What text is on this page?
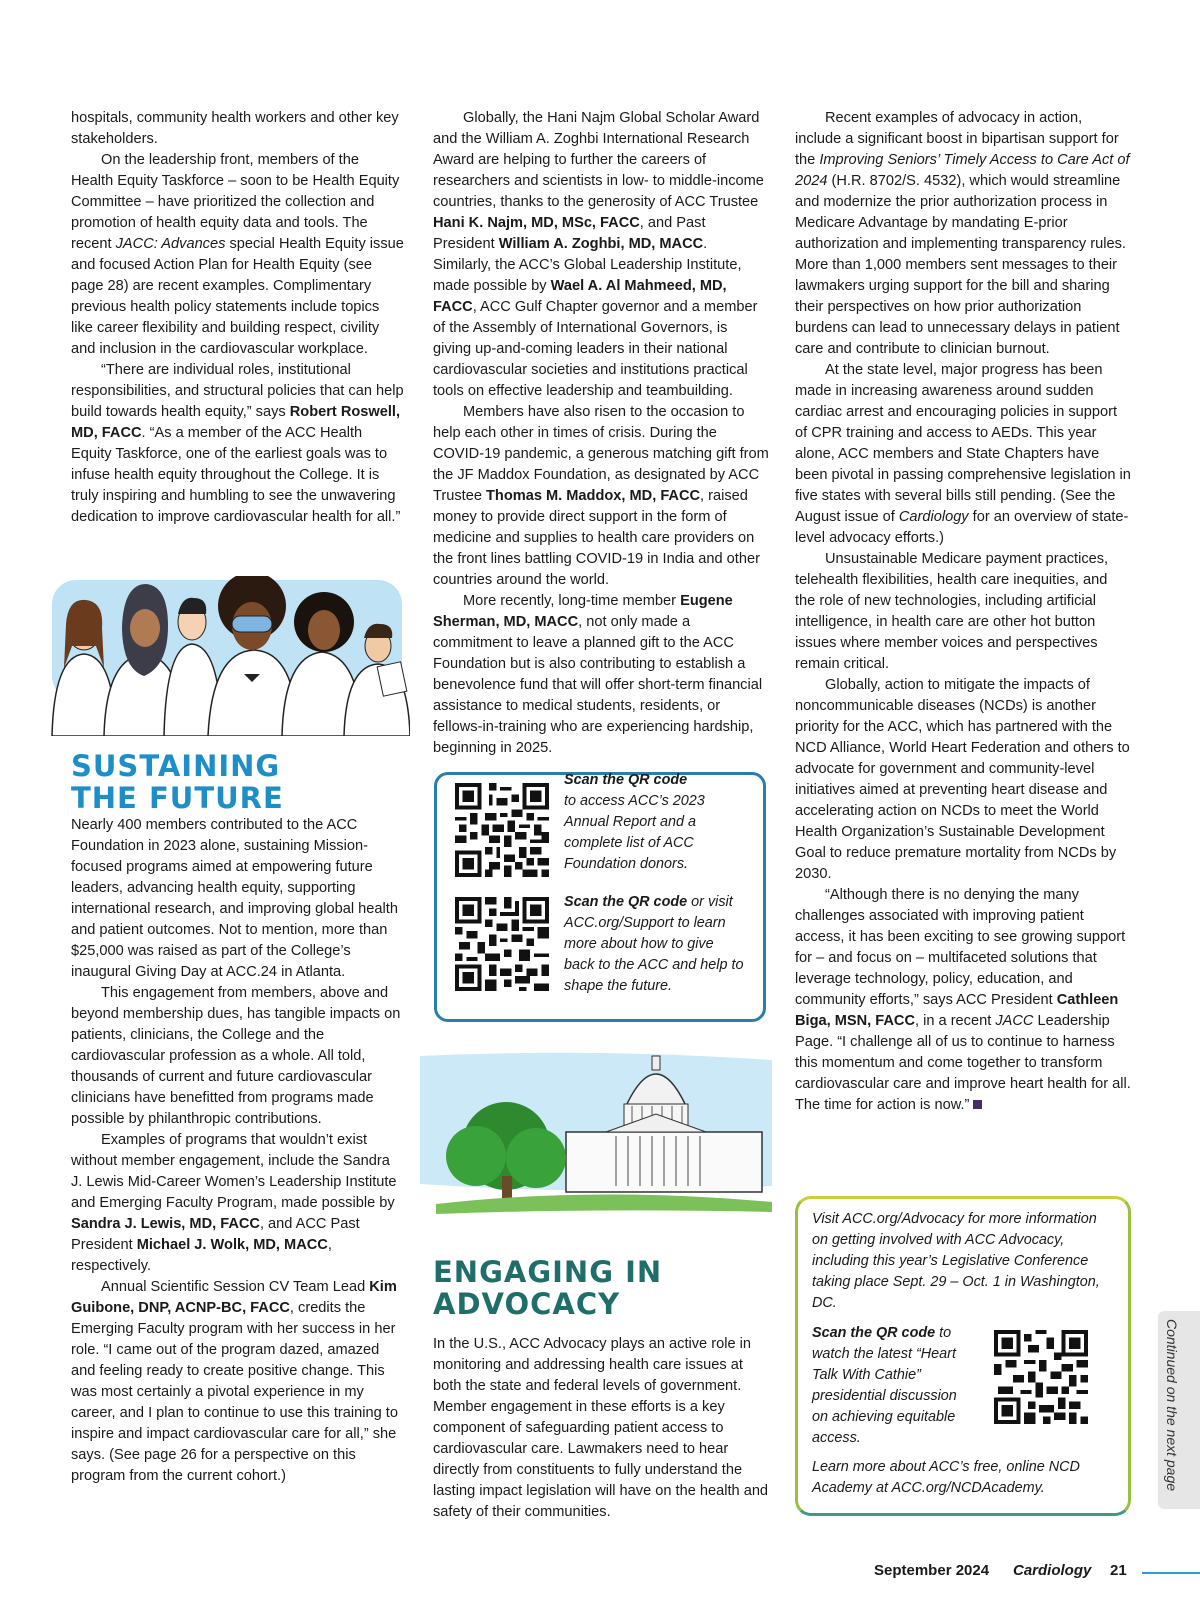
hospitals, community health workers and other key stakeholders.

On the leadership front, members of the Health Equity Taskforce – soon to be Health Equity Committee – have prioritized the collection and promotion of health equity data and tools. The recent JACC: Advances special Health Equity issue and focused Action Plan for Health Equity (see page 28) are recent examples. Complimentary previous health policy statements include topics like career flexibility and building respect, civility and inclusion in the cardiovascular workplace.

“There are individual roles, institutional responsibilities, and structural policies that can help build towards health equity,” says Robert Roswell, MD, FACC. “As a member of the ACC Health Equity Taskforce, one of the earliest goals was to infuse health equity throughout the College. It is truly inspiring and humbling to see the unwavering dedication to improve cardiovascular health for all.”

SUSTAINING
THE FUTURE

Nearly 400 members contributed to the ACC Foundation in 2023 alone, sustaining Mission-focused programs aimed at empowering future leaders, advancing health equity, supporting international research, and improving global health and patient outcomes. Not to mention, more than $25,000 was raised as part of the College’s inaugural Giving Day at ACC.24 in Atlanta.

This engagement from members, above and beyond membership dues, has tangible impacts on patients, clinicians, the College and the cardiovascular profession as a whole. All told, thousands of current and future cardiovascular clinicians have benefitted from programs made possible by philanthropic contributions.

Examples of programs that wouldn’t exist without member engagement, include the Sandra J. Lewis Mid-Career Women’s Leadership Institute and Emerging Faculty Program, made possible by Sandra J. Lewis, MD, FACC, and ACC Past President Michael J. Wolk, MD, MACC, respectively.

Annual Scientific Session CV Team Lead Kim Guibone, DNP, ACNP-BC, FACC, credits the Emerging Faculty program with her success in her role. “I came out of the program dazed, amazed and feeling ready to create positive change. This was most certainly a pivotal experience in my career, and I plan to continue to use this training to inspire and impact cardiovascular care for all,” she says. (See page 26 for a perspective on this program from the current cohort.)

Globally, the Hani Najm Global Scholar Award and the William A. Zoghbi International Research Award are helping to further the careers of researchers and scientists in low- to middle-income countries, thanks to the generosity of ACC Trustee Hani K. Najm, MD, MSc, FACC, and Past President William A. Zoghbi, MD, MACC. Similarly, the ACC’s Global Leadership Institute, made possible by Wael A. Al Mahmeed, MD, FACC, ACC Gulf Chapter governor and a member of the Assembly of International Governors, is giving up-and-coming leaders in their national cardiovascular societies and institutions practical tools on effective leadership and teambuilding.

Members have also risen to the occasion to help each other in times of crisis. During the COVID-19 pandemic, a generous matching gift from the JF Maddox Foundation, as designated by ACC Trustee Thomas M. Maddox, MD, FACC, raised money to provide direct support in the form of medicine and supplies to health care providers on the front lines battling COVID-19 in India and other countries around the world.

More recently, long-time member Eugene Sherman, MD, MACC, not only made a commitment to leave a planned gift to the ACC Foundation but is also contributing to establish a benevolence fund that will offer short-term financial assistance to medical students, residents, or fellows-in-training who are experiencing hardship, beginning in 2025.

Scan the QR code
to access ACC’s 2023 Annual Report and a complete list of ACC Foundation donors.
Scan the QR code or visit ACC.org/Support to learn more about how to give back to the ACC and help to shape the future.
ENGAGING IN
ADVOCACY

In the U.S., ACC Advocacy plays an active role in monitoring and addressing health care issues at both the state and federal levels of government. Member engagement in these efforts is a key component of safeguarding patient access to cardiovascular care. Lawmakers need to hear directly from constituents to fully understand the lasting impact legislation will have on the health and safety of their communities.

Recent examples of advocacy in action, include a significant boost in bipartisan support for the Improving Seniors’ Timely Access to Care Act of 2024 (H.R. 8702/S. 4532), which would streamline and modernize the prior authorization process in Medicare Advantage by mandating E-prior authorization and implementing transparency rules. More than 1,000 members sent messages to their lawmakers urging support for the bill and sharing their perspectives on how prior authorization burdens can lead to unnecessary delays in patient care and contribute to clinician burnout.

At the state level, major progress has been made in increasing awareness around sudden cardiac arrest and encouraging policies in support of CPR training and access to AEDs. This year alone, ACC members and State Chapters have been pivotal in passing comprehensive legislation in five states with several bills still pending. (See the August issue of Cardiology for an overview of state-level advocacy efforts.)

Unsustainable Medicare payment practices, telehealth flexibilities, health care inequities, and the role of new technologies, including artificial intelligence, in health care are other hot button issues where member voices and perspectives remain critical.

Globally, action to mitigate the impacts of noncommunicable diseases (NCDs) is another priority for the ACC, which has partnered with the NCD Alliance, World Heart Federation and others to advocate for government and community-level initiatives aimed at preventing heart disease and accelerating action on NCDs to meet the World Health Organization’s Sustainable Development Goal to reduce premature mortality from NCDs by 2030.

“Although there is no denying the many challenges associated with improving patient access, it has been exciting to see growing support for – and focus on – multifaceted solutions that leverage technology, policy, education, and community efforts,” says ACC President Cathleen Biga, MSN, FACC, in a recent JACC Leadership Page. “I challenge all of us to continue to harness this momentum and come together to transform cardiovascular care and improve heart health for all. The time for action is now.”

Visit ACC.org/Advocacy for more information on getting involved with ACC Advocacy, including this year’s Legislative Conference taking place Sept. 29 – Oct. 1 in Washington, DC.
Scan the QR code to watch the latest “Heart Talk With Cathie” presidential discussion on achieving equitable access.
Learn more about ACC’s free, online NCD Academy at ACC.org/NCDAcademy.	Continued on the next page
September 2024 Cardiology 21
